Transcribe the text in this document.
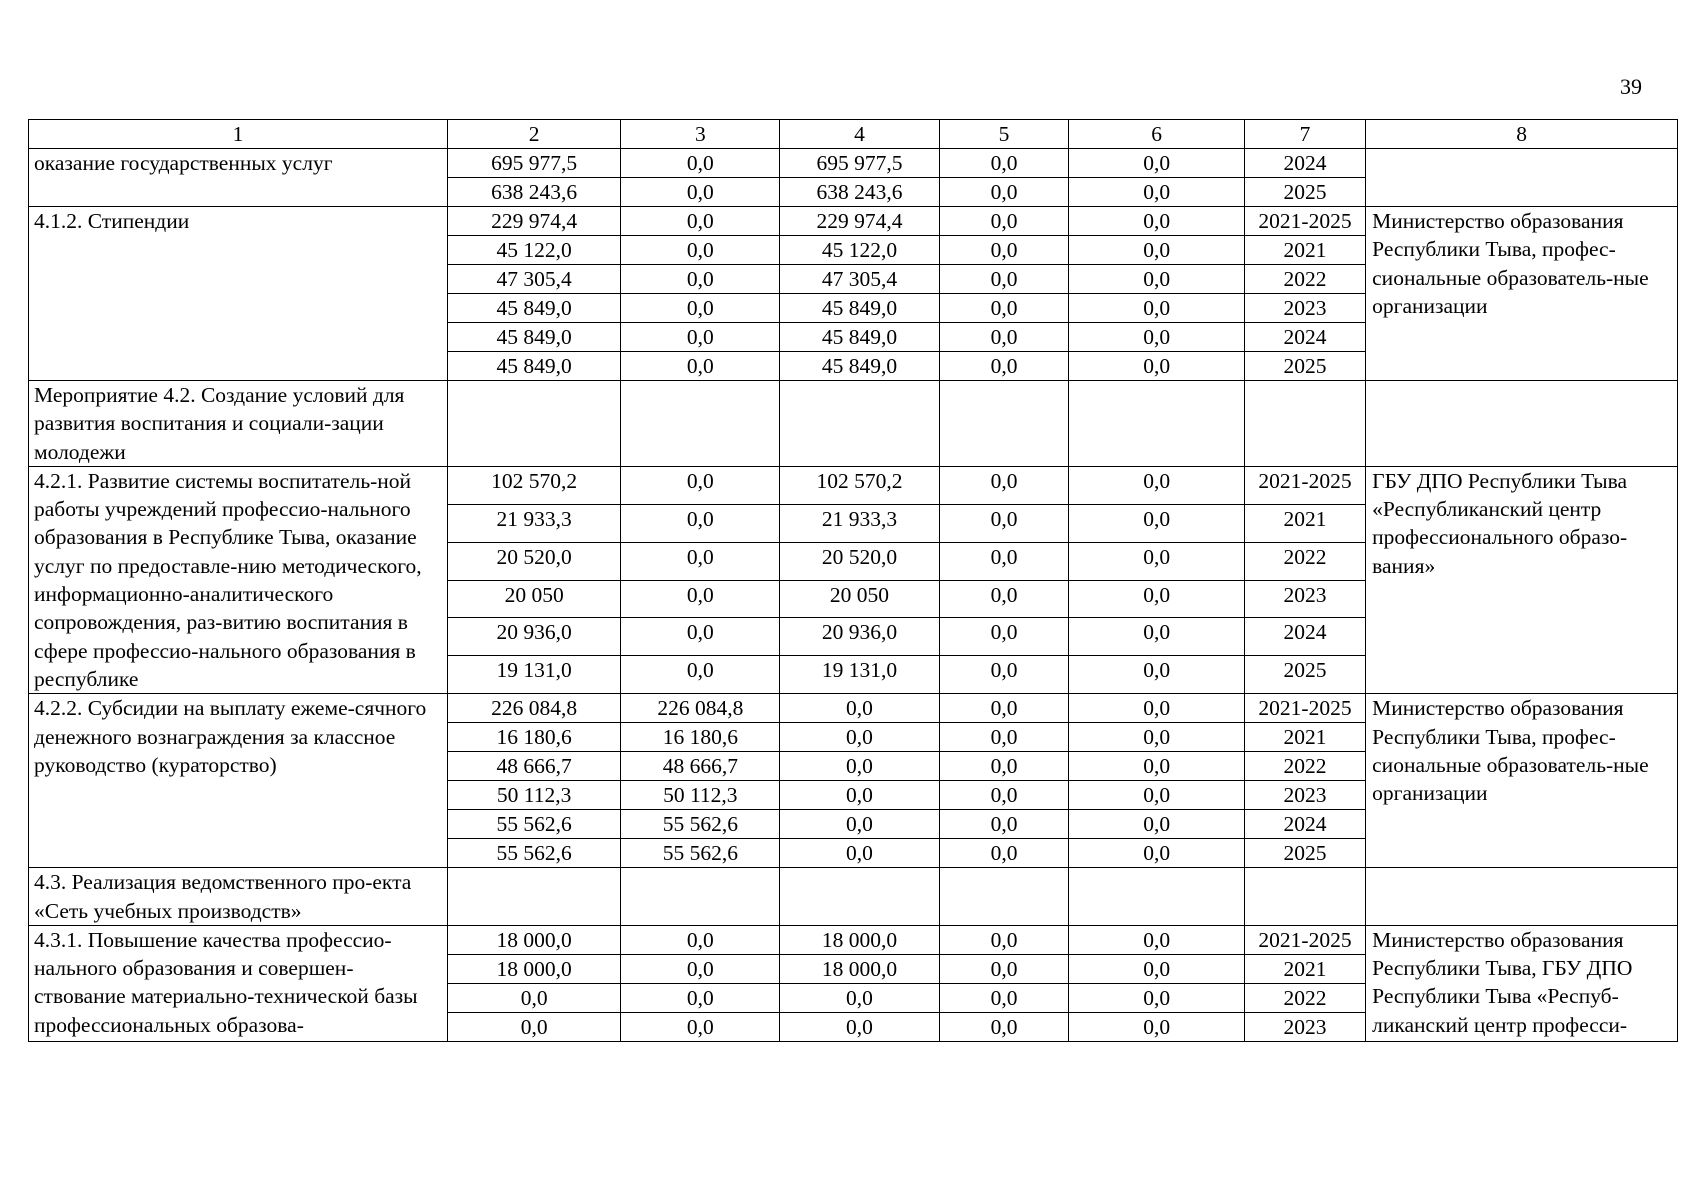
39
1	2	3	4	5	6	7	8
оказание государственных услуг	695 977,5	0,0	695 977,5	0,0	0,0	2024	
	638 243,6	0,0	638 243,6	0,0	0,0	2025	
4.1.2. Стипендии	229 974,4	0,0	229 974,4	0,0	0,0	2021-2025	Министерство образования Республики Тыва, профес-сиональные образователь-ные организации
	45 122,0	0,0	45 122,0	0,0	0,0	2021	
	47 305,4	0,0	47 305,4	0,0	0,0	2022	
	45 849,0	0,0	45 849,0	0,0	0,0	2023	
	45 849,0	0,0	45 849,0	0,0	0,0	2024	
	45 849,0	0,0	45 849,0	0,0	0,0	2025	
Мероприятие 4.2. Создание условий для развития воспитания и социали-зации молодежи							
4.2.1. Развитие системы воспитатель-ной работы учреждений профессио-нального образования в Республике Тыва, оказание услуг по предоставле-нию методического, информационно-аналитического сопровождения, раз-витию воспитания в сфере профессио-нального образования в республике	102 570,2	0,0	102 570,2	0,0	0,0	2021-2025	ГБУ ДПО Республики Тыва «Республиканский центр профессионального образо-вания»
	21 933,3	0,0	21 933,3	0,0	0,0	2021	
	20 520,0	0,0	20 520,0	0,0	0,0	2022	
	20 050	0,0	20 050	0,0	0,0	2023	
	20 936,0	0,0	20 936,0	0,0	0,0	2024	
	19 131,0	0,0	19 131,0	0,0	0,0	2025	
4.2.2. Субсидии на выплату ежеме-сячного денежного вознаграждения за классное руководство (кураторство)	226 084,8	226 084,8	0,0	0,0	0,0	2021-2025	Министерство образования Республики Тыва, профес-сиональные образователь-ные организации
	16 180,6	16 180,6	0,0	0,0	0,0	2021	
	48 666,7	48 666,7	0,0	0,0	0,0	2022	
	50 112,3	50 112,3	0,0	0,0	0,0	2023	
	55 562,6	55 562,6	0,0	0,0	0,0	2024	
	55 562,6	55 562,6	0,0	0,0	0,0	2025	
4.3. Реализация ведомственного про-екта «Сеть учебных производств»							
4.3.1. Повышение качества профессио-нального образования и совершен-ствование материально-технической базы профессиональных образова-	18 000,0	0,0	18 000,0	0,0	0,0	2021-2025	Министерство образования Республики Тыва, ГБУ ДПО Республики Тыва «Респуб-ликанский центр професси-
	18 000,0	0,0	18 000,0	0,0	0,0	2021	
	0,0	0,0	0,0	0,0	0,0	2022	
	0,0	0,0	0,0	0,0	0,0	2023	
